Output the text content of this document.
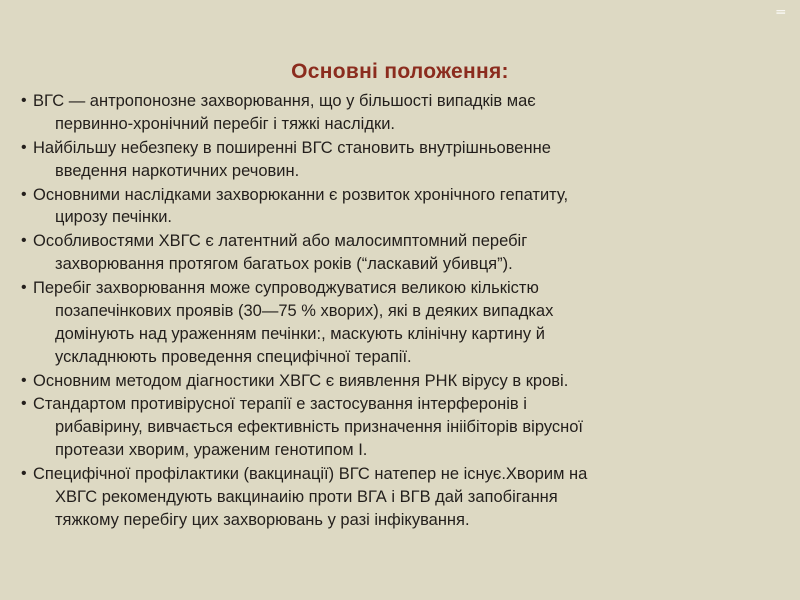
≡≡
Основні положення:
• ВГС — антропонозне захворювання, що у більшості випадків має
первинно-хронічний перебіг і тяжкі наслідки.
• Найбільшу небезпеку в поширенні ВГС становить внутрішньовенне
введення наркотичних речовин.
• Основними наслідками захворюканни є розвиток хронічного гепатиту,
цирозу печінки.
• Особливостями ХВГС є латентний або малосимптомний перебіг
захворювання протягом багатьох років (“ласкавий убивця”).
• Перебіг захворювання може супроводжуватися великою кількістю
позапечінкових проявів (30—75 % хворих), які в деяких випадках
домінують над ураженням печінки:, маскують клінічну картину й
ускладнюють проведення специфічної терапії.
• Основним методом діагностики ХВГС є виявлення РНК вірусу в крові.
• Стандартом противірусної терапії е застосування інтерферонів і
рибавірину, вивчається ефективність призначення ініібіторів вірусної
протеази хворим, ураженим генотипом I.
• Специфічної профілактики (вакцинації) ВГС натепер не існує.Хворим на
ХВГС рекомендують вакцинаиію проти ВГА і ВГВ дай запобігання
тяжкому перебігу цих захворювань у разі інфікування.
